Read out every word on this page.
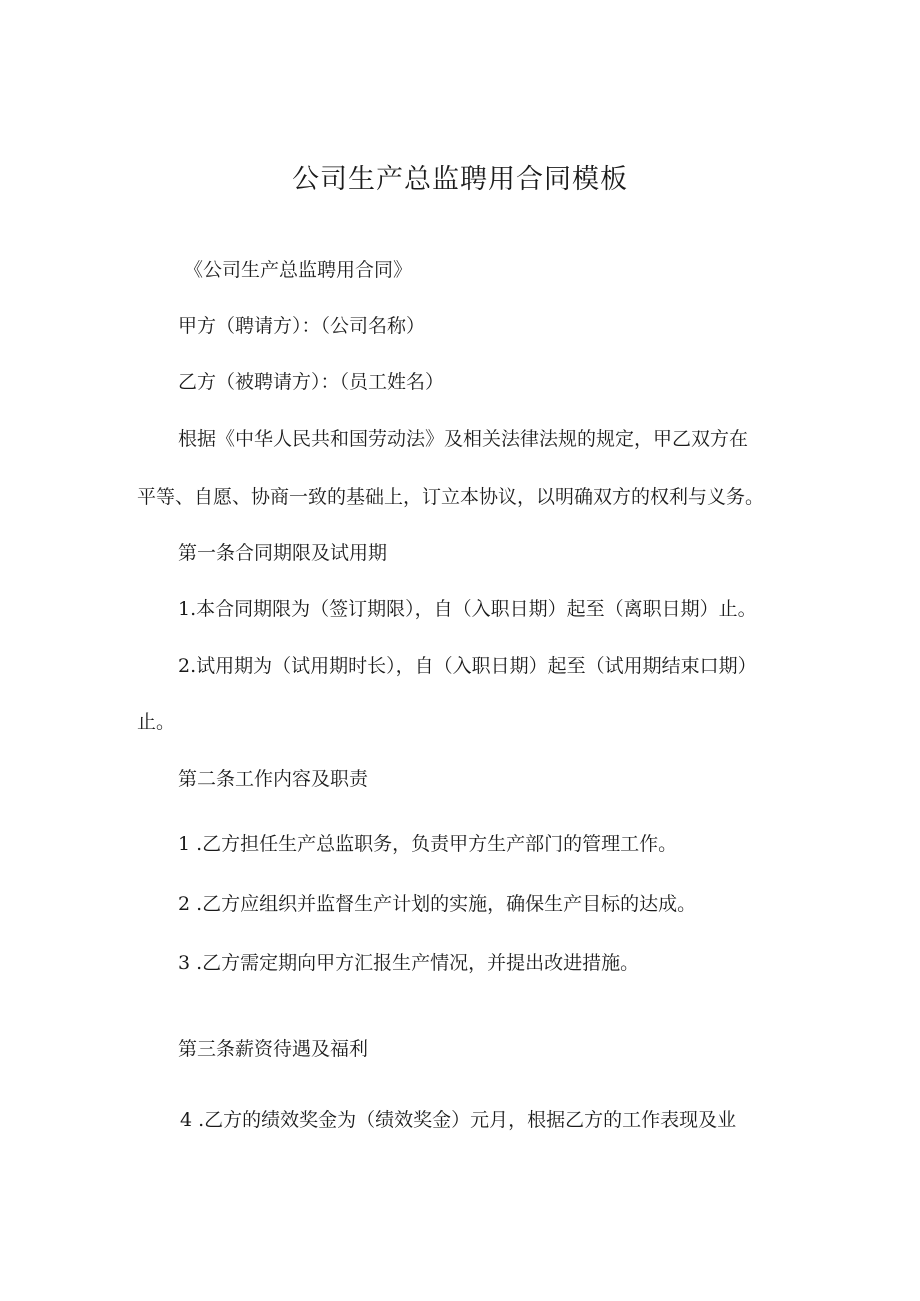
公司生产总监聘用合同模板

《公司生产总监聘用合同》

甲方（聘请方）：（公司名称）

乙方（被聘请方）：（员工姓名）

根据《中华人民共和国劳动法》及相关法律法规的规定，甲乙双方在

平等、自愿、协商一致的基础上，订立本协议，以明确双方的权利与义务。

第一条合同期限及试用期

1.本合同期限为（签订期限），自（入职日期）起至（离职日期）止。

2.试用期为（试用期时长），自（入职日期）起至（试用期结束口期）

止。

第二条工作内容及职责

1 .乙方担任生产总监职务，负责甲方生产部门的管理工作。

2 .乙方应组织并监督生产计划的实施，确保生产目标的达成。

3 .乙方需定期向甲方汇报生产情况，并提出改进措施。

第三条薪资待遇及福利

4 .乙方的绩效奖金为（绩效奖金）元月，根据乙方的工作表现及业
